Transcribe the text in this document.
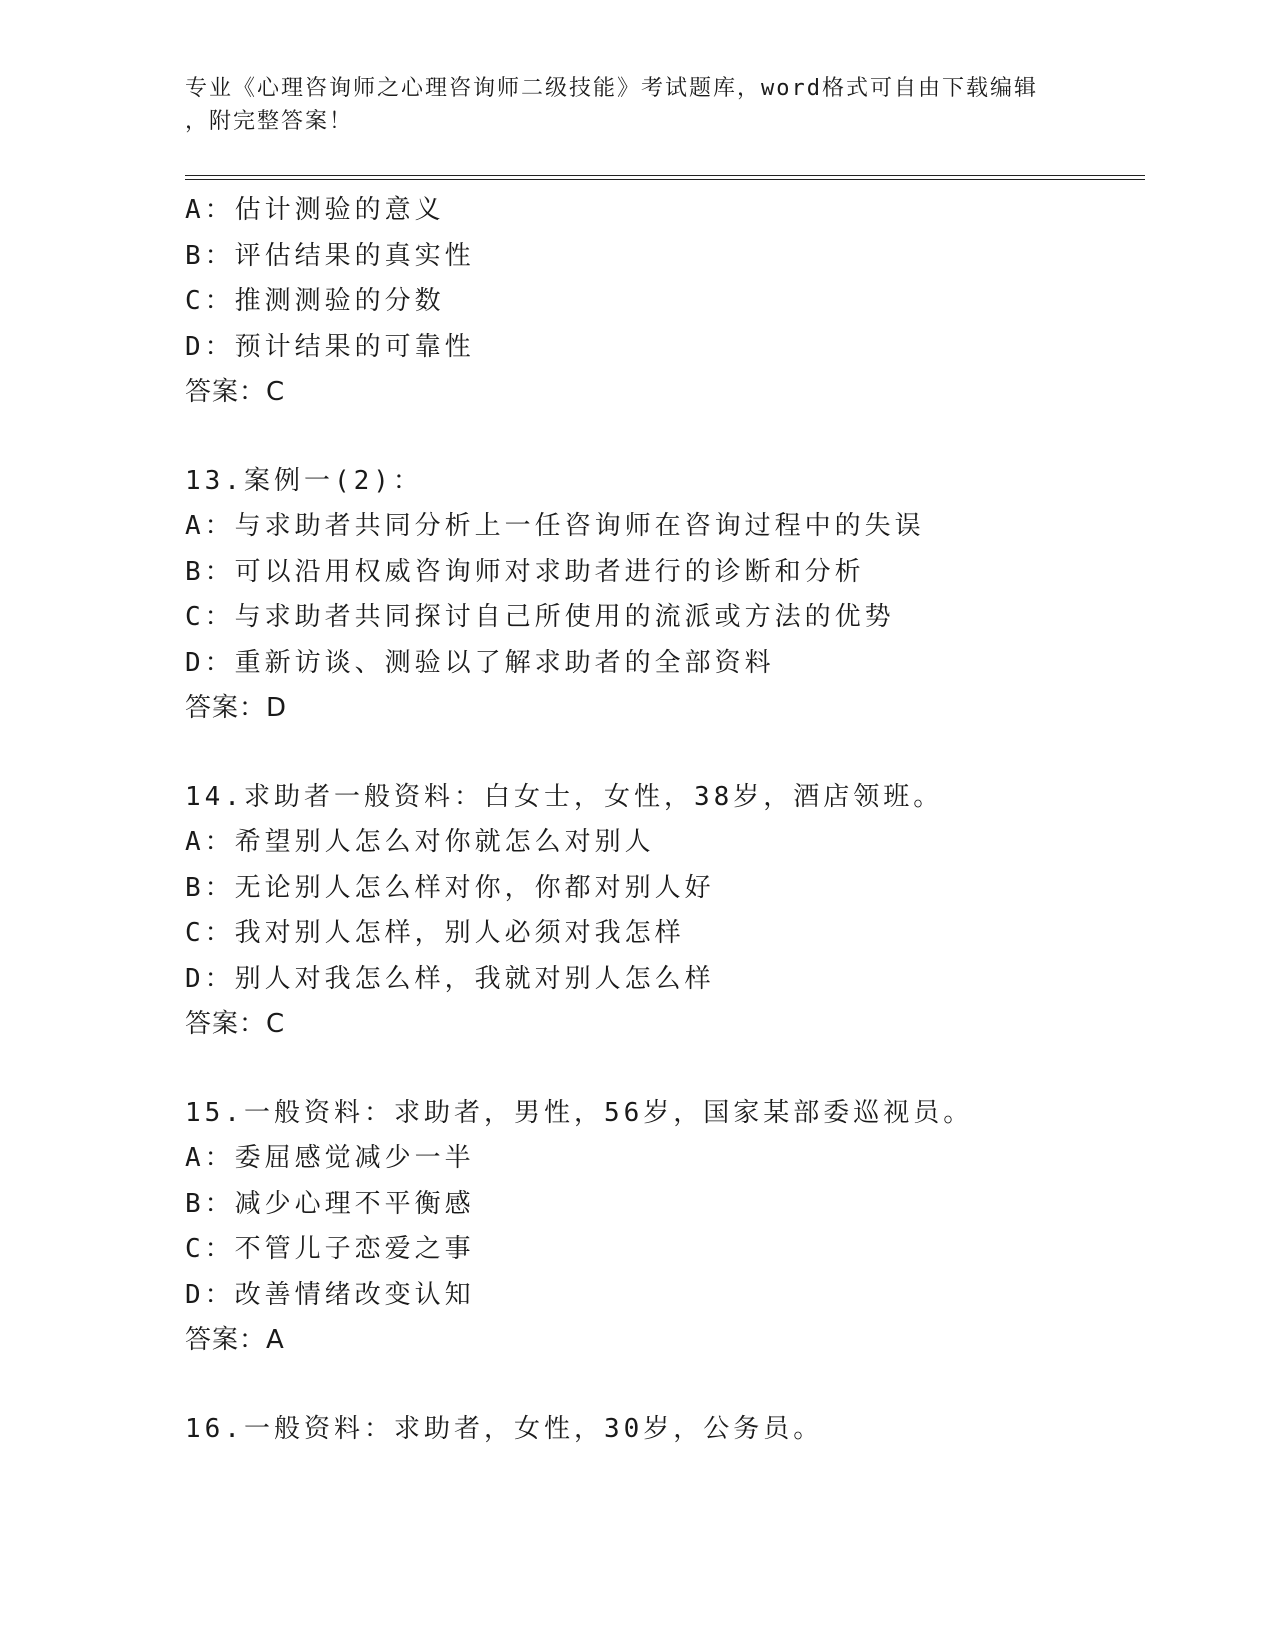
专业《心理咨询师之心理咨询师二级技能》考试题库，word格式可自由下载编辑
，附完整答案！
A：估计测验的意义
B：评估结果的真实性
C：推测测验的分数
D：预计结果的可靠性
答案：C
13.案例一(2)：
A：与求助者共同分析上一任咨询师在咨询过程中的失误
B：可以沿用权威咨询师对求助者进行的诊断和分析
C：与求助者共同探讨自己所使用的流派或方法的优势
D：重新访谈、测验以了解求助者的全部资料
答案：D
14.求助者一般资料：白女士，女性，38岁，酒店领班。
A：希望别人怎么对你就怎么对别人
B：无论别人怎么样对你，你都对别人好
C：我对别人怎样，别人必须对我怎样
D：别人对我怎么样，我就对别人怎么样
答案：C
15.一般资料：求助者，男性，56岁，国家某部委巡视员。
A：委屈感觉减少一半
B：减少心理不平衡感
C：不管儿子恋爱之事
D：改善情绪改变认知
答案：A
16.一般资料：求助者，女性，30岁，公务员。
